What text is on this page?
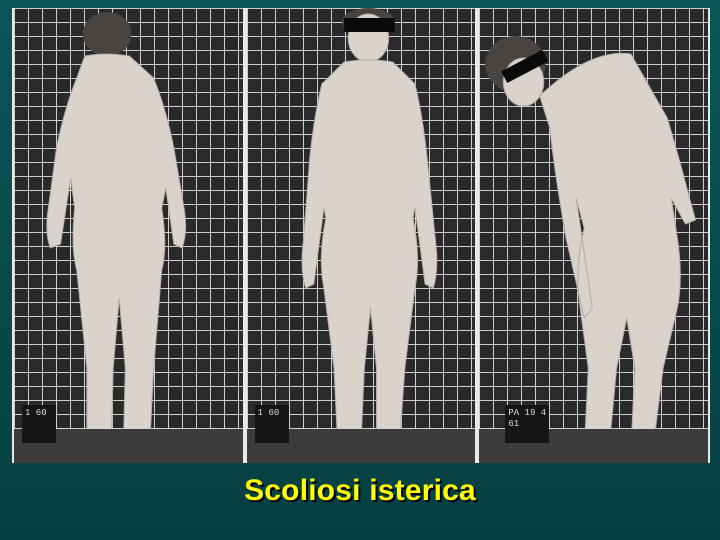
1 60	1 60	PA 19 4 61
Scoliosi isterica
